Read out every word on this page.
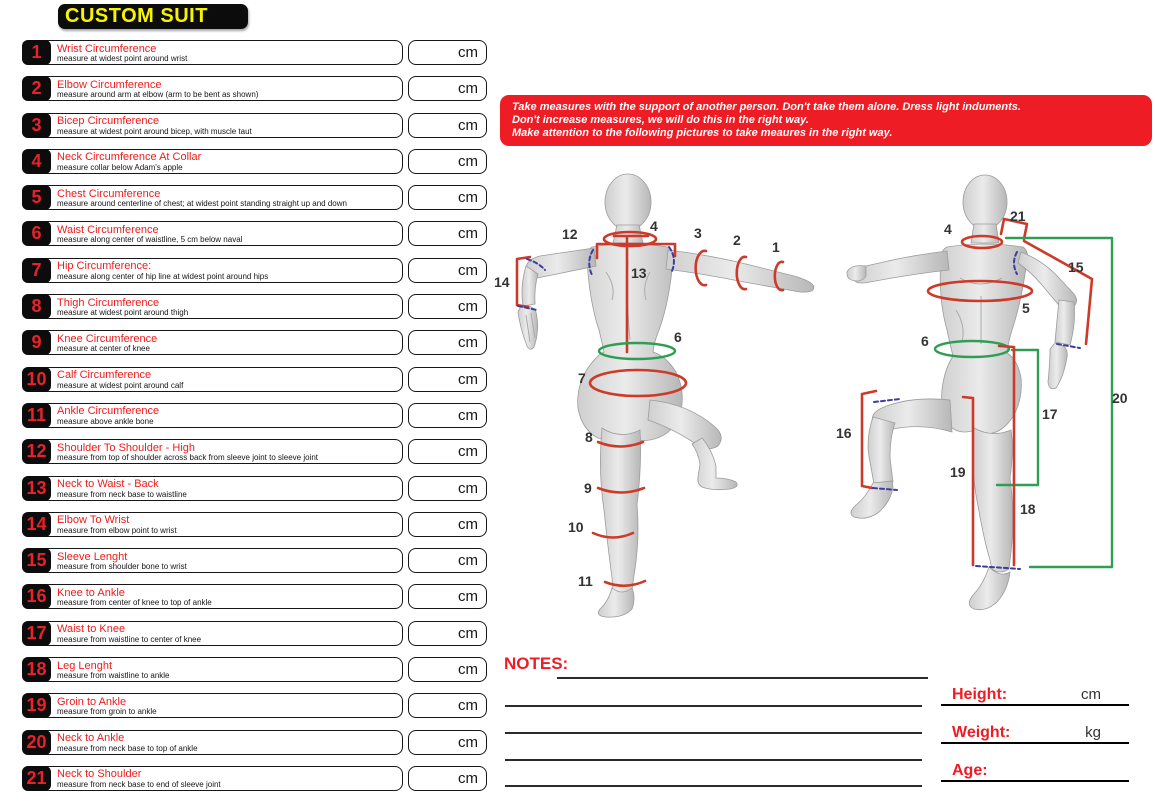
CUSTOM SUIT
1 Wrist Circumference
measure at widest point around wrist	cm
2 Elbow Circumference
measure around arm at elbow (arm to be bent as shown)	cm
3 Bicep Circumference
measure at widest point around bicep, with muscle taut	cm
4 Neck Circumference At Collar
measure collar below Adam's apple	cm
5 Chest Circumference
measure around centerline of chest; at widest point standing straight up and down	cm
6 Waist Circumference
measure along center of waistline, 5 cm below naval	cm
7 Hip Circumference:
measure along center of hip line at widest point around hips	cm
8 Thigh Circumference
measure at widest point around thigh	cm
9 Knee Circumference
measure at center of knee	cm
10 Calf Circumference
measure at widest point around calf	cm
11 Ankle Circumference
measure above ankle bone	cm
12 Shoulder To Shoulder - High
measure from top of shoulder across back from sleeve joint to sleeve joint	cm
13 Neck to Waist - Back
measure from neck base to waistline	cm
14 Elbow To Wrist
measure from elbow point to wrist	cm
15 Sleeve Lenght
measure from shoulder bone to wrist	cm
16 Knee to Ankle
measure from center of knee to top of ankle	cm
17 Waist to Knee
measure from waistline to center of knee	cm
18 Leg Lenght
measure from waistline to ankle	cm
19 Groin to Ankle
measure from groin to ankle	cm
20 Neck to Ankle
measure from neck base to top of ankle	cm
21 Neck to Shoulder
measure from neck base to end of sleeve joint	cm
Take measures with the support of another person. Don't take them alone. Dress light induments.
Don't increase measures, we will do this in the right way.
Make attention to the following pictures to take meaures in the right way.
12	4
13
3 2 1
14
6
7
8
9
10
11
4
21
15
5
6
16
17
19
18
20
NOTES:
Height:	cm
Weight:	kg
Age:
